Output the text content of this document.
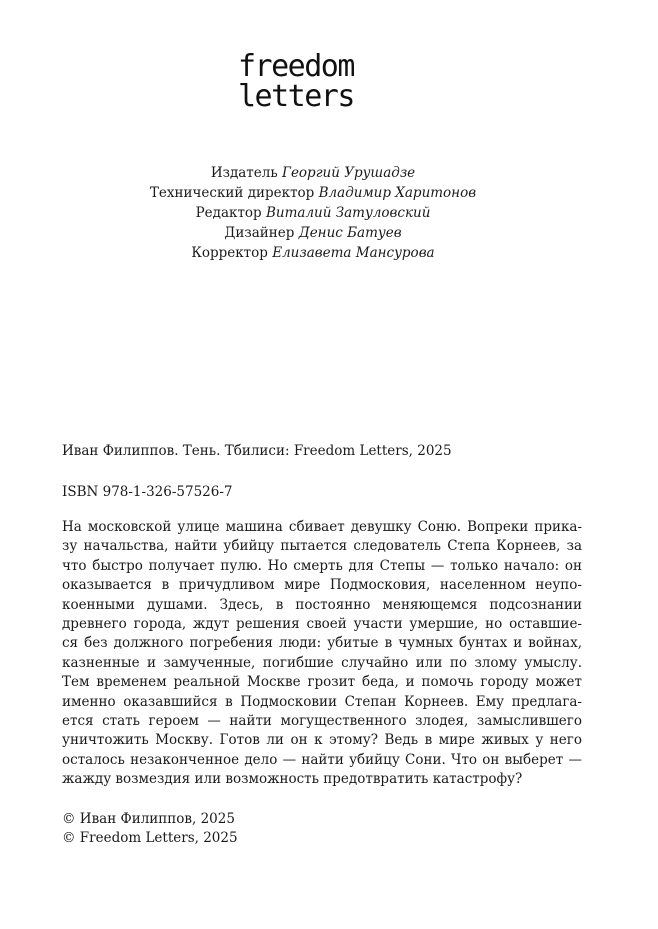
freedom
letters
Издатель Георгий Урушадзе
Технический директор Владимир Харитонов
Редактор Виталий Затуловский
Дизайнер Денис Батуев
Корректор Елизавета Мансурова
Иван Филиппов. Тень. Тбилиси: Freedom Letters, 2025
ISBN 978-1-326-57526-7
На московской улице машина сбивает девушку Соню. Вопреки прика-
зу начальства, найти убийцу пытается следователь Степа Корнеев, за
что быстро получает пулю. Но смерть для Степы — только начало: он
оказывается в причудливом мире Подмосковия, населенном неупо-
коенными душами. Здесь, в постоянно меняющемся подсознании
древнего города, ждут решения своей участи умершие, но оставшие-
ся без должного погребения люди: убитые в чумных бунтах и войнах,
казненные и замученные, погибшие случайно или по злому умыслу.
Тем временем реальной Москве грозит беда, и помочь городу может
именно оказавшийся в Подмосковии Степан Корнеев. Ему предлага-
ется стать героем — найти могущественного злодея, замыслившего
уничтожить Москву. Готов ли он к этому? Ведь в мире живых у него
осталось незаконченное дело — найти убийцу Сони. Что он выберет —
жажду возмездия или возможность предотвратить катастрофу?
© Иван Филиппов, 2025
© Freedom Letters, 2025
